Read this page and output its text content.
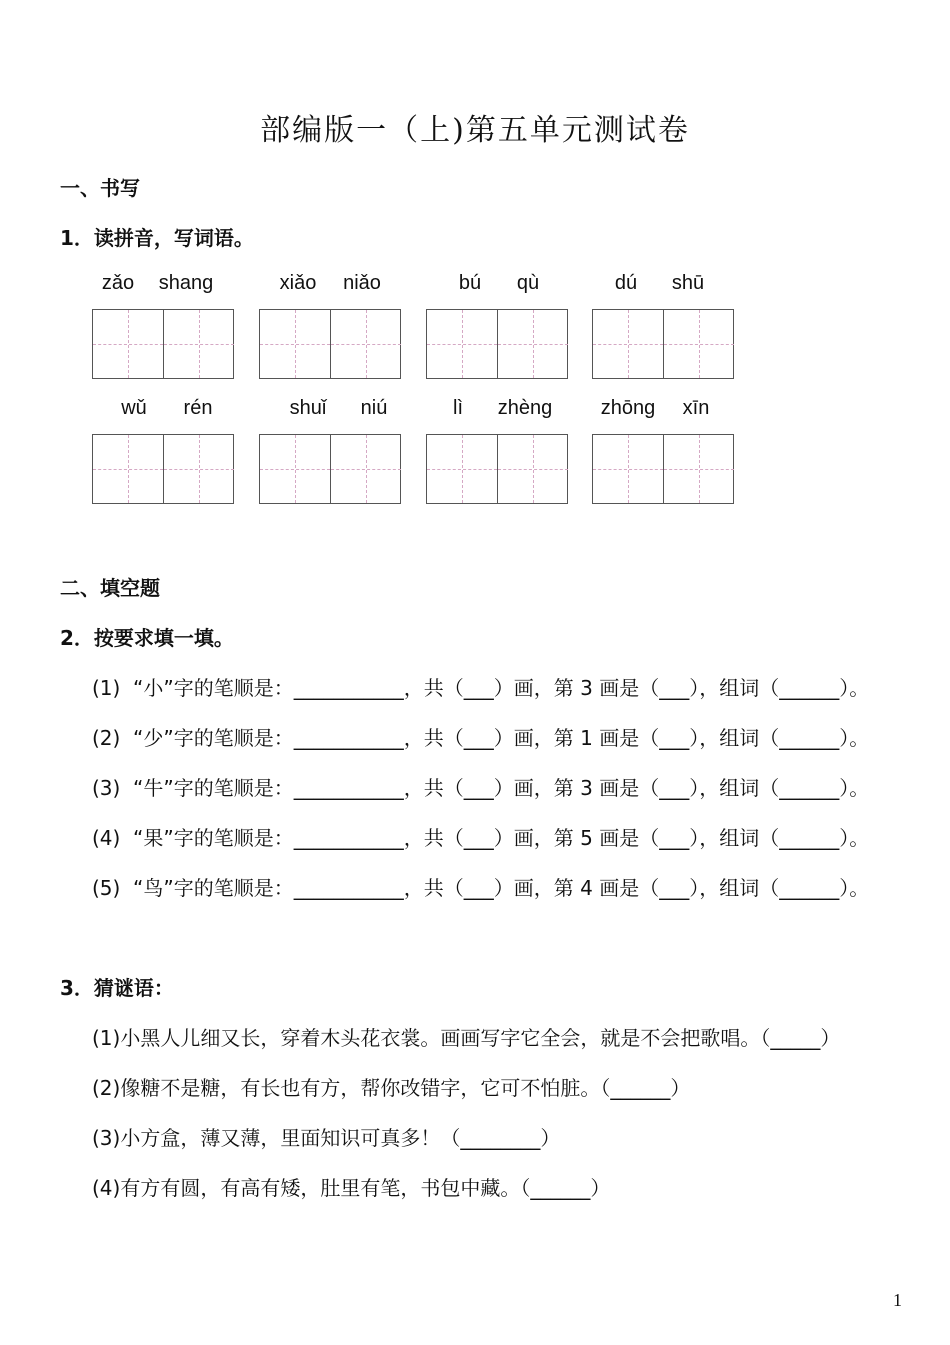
部编版一（上)第五单元测试卷
一、书写
1．读拼音，写词语。
zǎo	shang	xiǎo	niǎo	bú	qù	dú	shū
wǔ	rén	shuǐ	niú	lì	zhèng	zhōng	xīn
二、填空题
2．按要求填一填。
(1)  “小”字的笔顺是：___________，共（___）画，第 3 画是（___），组词（______）。
(2)  “少”字的笔顺是：___________，共（___）画，第 1 画是（___），组词（______）。
(3)  “牛”字的笔顺是：___________，共（___）画，第 3 画是（___），组词（______）。
(4)  “果”字的笔顺是：___________，共（___）画，第 5 画是（___），组词（______）。
(5)  “鸟”字的笔顺是：___________，共（___）画，第 4 画是（___），组词（______）。
3．猜谜语：
(1)小黑人儿细又长，穿着木头花衣裳。画画写字它全会，就是不会把歌唱。（_____）
(2)像糖不是糖，有长也有方，帮你改错字，它可不怕脏。（______）
(3)小方盒，薄又薄，里面知识可真多！（________）
(4)有方有圆，有高有矮，肚里有笔，书包中藏。（______）
1
